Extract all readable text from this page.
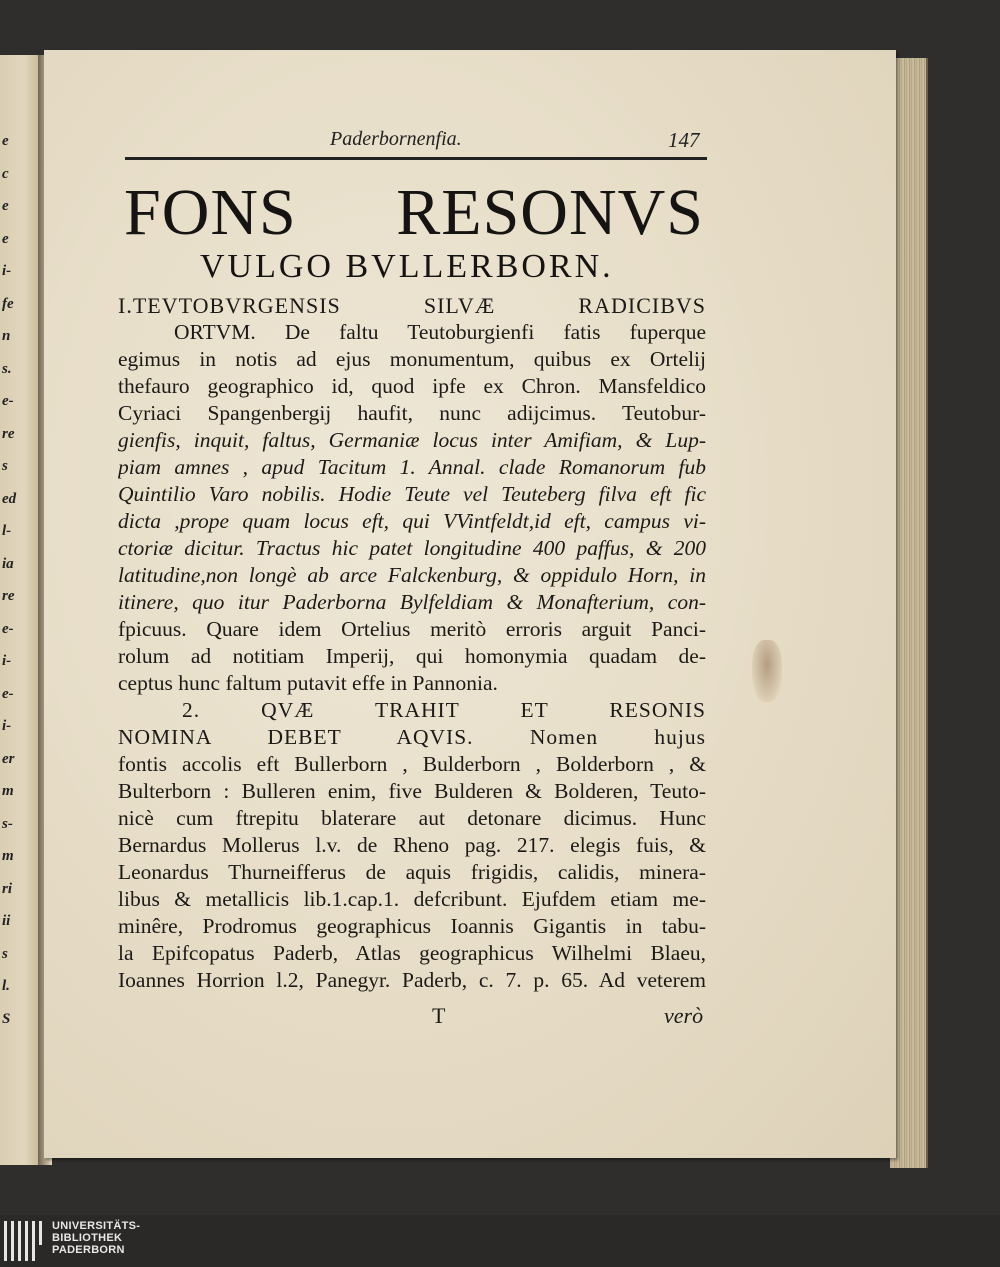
e
c
e
e
i-
fe
n
s.
e-
re
s
ed
l-
ia
re
e-
i-
e-
i-
er
m
s-
m
ri
ii
s
l.
S
Paderbornenfia.	147
FONS RESONVS
VULGO BVLLERBORN.
I.TEVTOBVRGENSIS SILVÆ RADICIBVS
ORTVM. De faltu Teutoburgienfi fatis fuperque
egimus in notis ad ejus monumentum, quibus ex Ortelij
thefauro geographico id, quod ipfe ex Chron. Mansfeldico
Cyriaci Spangenbergij haufit, nunc adijcimus. Teutobur-
gienfis, inquit, faltus, Germaniæ locus inter Amifiam, & Lup-
piam amnes , apud Tacitum 1. Annal. clade Romanorum fub
Quintilio Varo nobilis. Hodie Teute vel Teuteberg filva eft fic
dicta ,prope quam locus eft, qui VVintfeldt,id eft, campus vi-
ctoriæ dicitur. Tractus hic patet longitudine 400 paffus, & 200
latitudine,non longè ab arce Falckenburg, & oppidulo Horn, in
itinere, quo itur Paderborna Bylfeldiam & Monafterium, con-
fpicuus. Quare idem Ortelius meritò erroris arguit Panci-
rolum ad notitiam Imperij, qui homonymia quadam de-
ceptus hunc faltum putavit effe in Pannonia.
2. QVÆ TRAHIT ET RESONIS
NOMINA DEBET AQVIS. Nomen hujus
fontis accolis eft Bullerborn , Bulderborn , Bolderborn , &
Bulterborn : Bulleren enim, five Bulderen & Bolderen, Teuto-
nicè cum ftrepitu blaterare aut detonare dicimus. Hunc
Bernardus Mollerus l.v. de Rheno pag. 217. elegis fuis, &
Leonardus Thurneifferus de aquis frigidis, calidis, minera-
libus & metallicis lib.1.cap.1. defcribunt. Ejufdem etiam me-
minêre, Prodromus geographicus Ioannis Gigantis in tabu-
la Epifcopatus Paderb, Atlas geographicus Wilhelmi Blaeu,
Ioannes Horrion l.2, Panegyr. Paderb, c. 7. p. 65. Ad veterem
T	verò
UNIVERSITÄTS-
BIBLIOTHEK
PADERBORN
